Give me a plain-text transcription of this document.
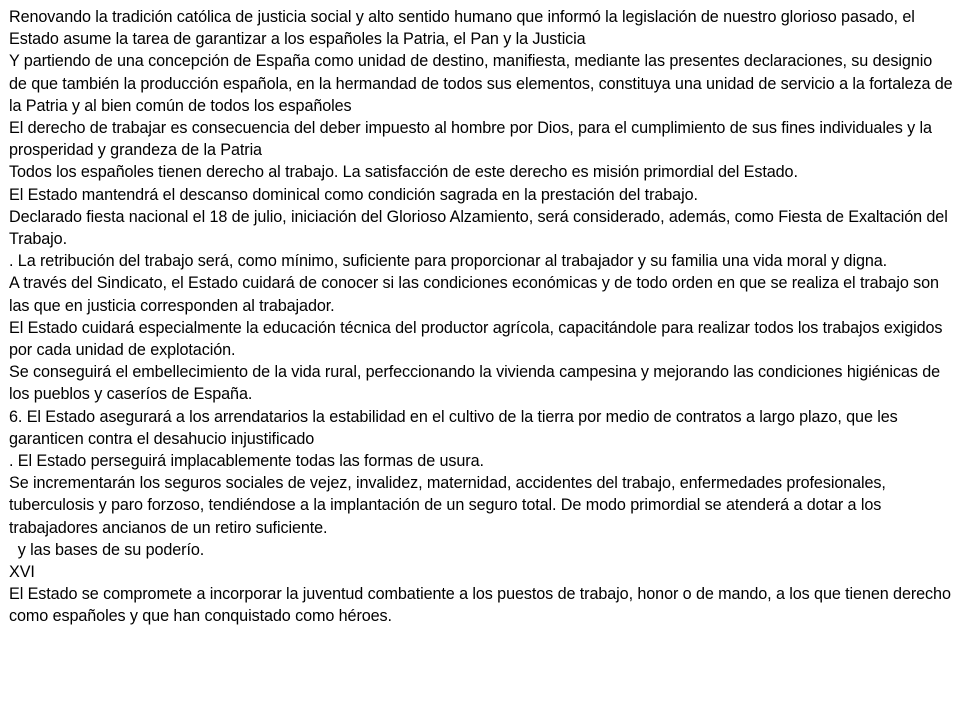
Renovando la tradición católica de justicia social y alto sentido humano que informó la legislación de nuestro glorioso pasado, el Estado asume la tarea de garantizar a los españoles la Patria, el Pan y la Justicia

Y partiendo de una concepción de España como unidad de destino, manifiesta, mediante las presentes declaraciones, su designio de que también la producción española, en la hermandad de todos sus elementos, constituya una unidad de servicio a la fortaleza de la Patria y al bien común de todos los españoles

El derecho de trabajar es consecuencia del deber impuesto al hombre por Dios, para el cumplimiento de sus fines individuales y la prosperidad y grandeza de la Patria

Todos los españoles tienen derecho al trabajo. La satisfacción de este derecho es misión primordial del Estado.

El Estado mantendrá el descanso dominical como condición sagrada en la prestación del trabajo.

Declarado fiesta nacional el 18 de julio, iniciación del Glorioso Alzamiento, será considerado, además, como Fiesta de Exaltación del Trabajo.

. La retribución del trabajo será, como mínimo, suficiente para proporcionar al trabajador y su familia una vida moral y digna.

A través del Sindicato, el Estado cuidará de conocer si las condiciones económicas y de todo orden en que se realiza el trabajo son las que en justicia corresponden al trabajador.

El Estado cuidará especialmente la educación técnica del productor agrícola, capacitándole para realizar todos los trabajos exigidos por cada unidad de explotación.

Se conseguirá el embellecimiento de la vida rural, perfeccionando la vivienda campesina y mejorando las condiciones higiénicas de los pueblos y caseríos de España.

6. El Estado asegurará a los arrendatarios la estabilidad en el cultivo de la tierra por medio de contratos a largo plazo, que les garanticen contra el desahucio injustificado

. El Estado perseguirá implacablemente todas las formas de usura.

Se incrementarán los seguros sociales de vejez, invalidez, maternidad, accidentes del trabajo, enfermedades profesionales, tuberculosis y paro forzoso, tendiéndose a la implantación de un seguro total. De modo primordial se atenderá a dotar a los trabajadores ancianos de un retiro suficiente.

y las bases de su poderío.

XVI

El Estado se compromete a incorporar la juventud combatiente a los puestos de trabajo, honor o de mando, a los que tienen derecho como españoles y que han conquistado como héroes.
